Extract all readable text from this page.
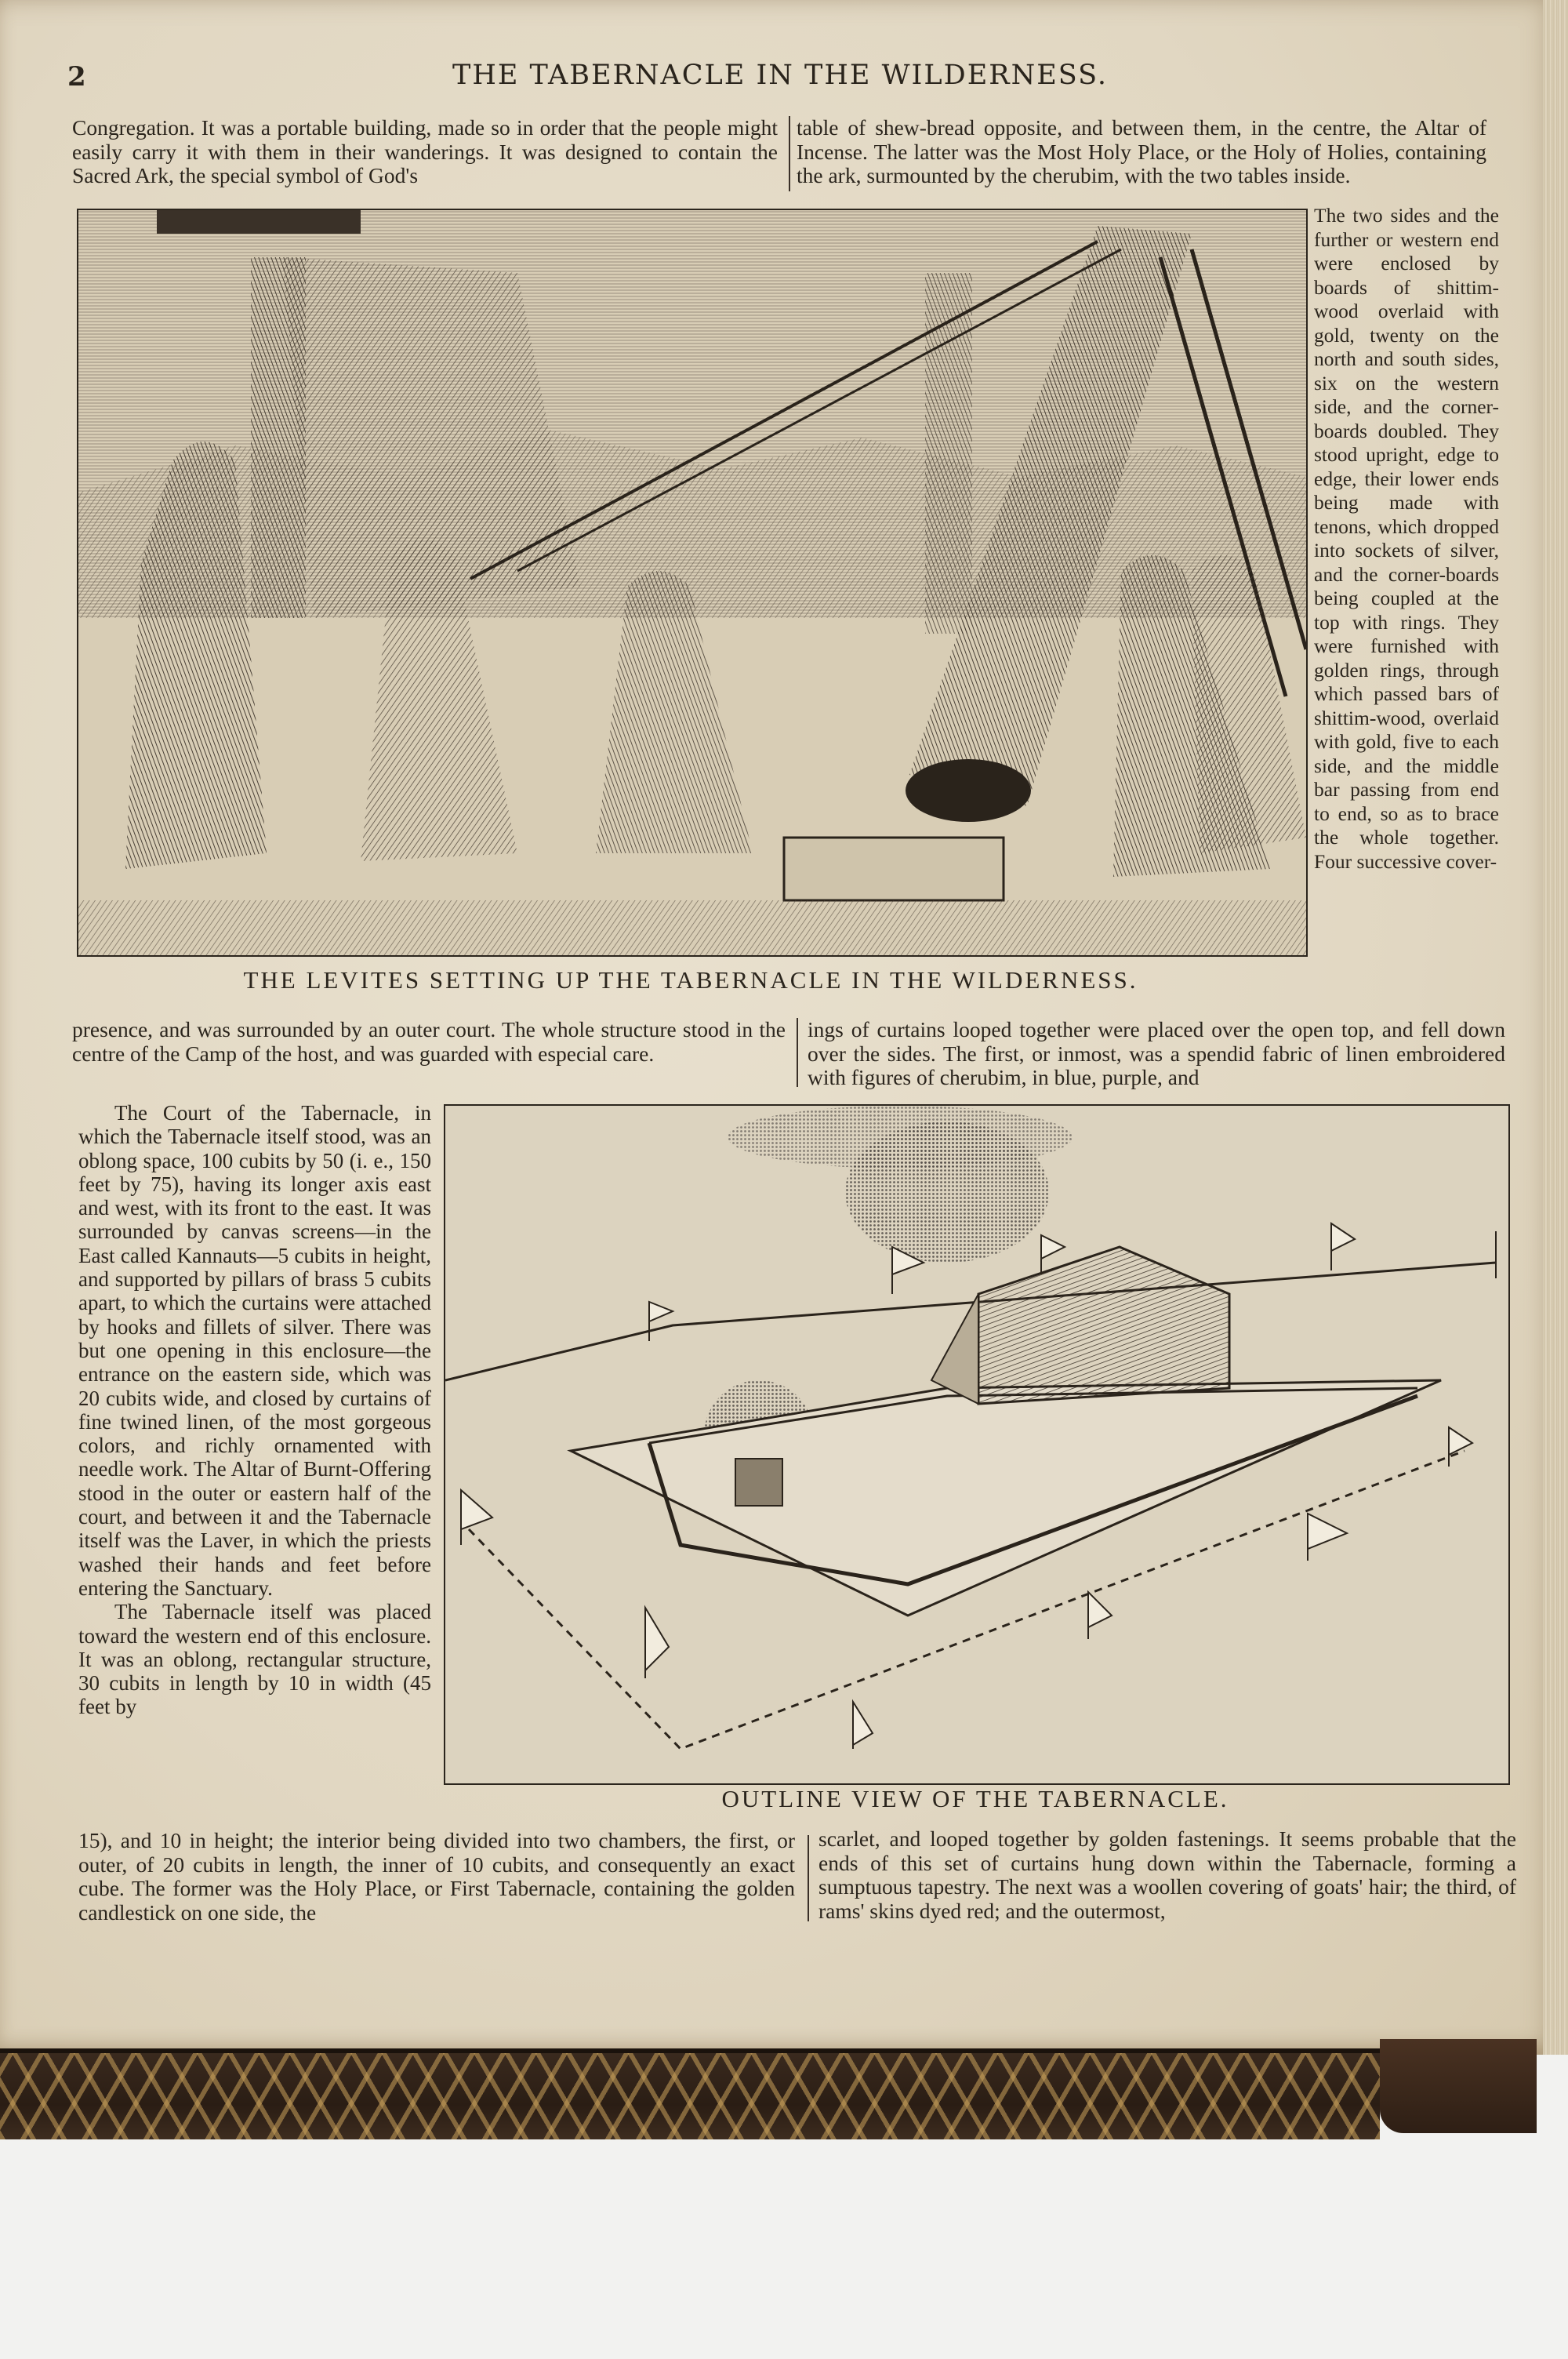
2	THE TABERNACLE IN THE WILDERNESS.
Congregation. It was a portable building, made so in order that the people might easily carry it with them in their wanderings. It was designed to contain the Sacred Ark, the special symbol of God's
table of shew-bread opposite, and between them, in the centre, the Altar of Incense. The latter was the Most Holy Place, or the Holy of Holies, containing the ark, surmounted by the cherubim, with the two tables inside.
The two sides and the further or western end were enclosed by boards of shittim-wood overlaid with gold, twenty on the north and south sides, six on the western side, and the corner-boards doubled. They stood upright, edge to edge, their lower ends being made with tenons, which dropped into sockets of silver, and the corner-boards being coupled at the top with rings. They were furnished with golden rings, through which passed bars of shittim-wood, overlaid with gold, five to each side, and the middle bar passing from end to end, so as to brace the whole together. Four successive cover-
THE LEVITES SETTING UP THE TABERNACLE IN THE WILDERNESS.
presence, and was surrounded by an outer court. The whole structure stood in the centre of the Camp of the host, and was guarded with especial care.
ings of curtains looped together were placed over the open top, and fell down over the sides. The first, or inmost, was a spendid fabric of linen embroidered with figures of cherubim, in blue, purple, and

The Court of the Tabernacle, in which the Tabernacle itself stood, was an oblong space, 100 cubits by 50 (i. e., 150 feet by 75), having its longer axis east and west, with its front to the east. It was surrounded by canvas screens—in the East called Kannauts—5 cubits in height, and supported by pillars of brass 5 cubits apart, to which the curtains were attached by hooks and fillets of silver. There was but one opening in this enclosure—the entrance on the eastern side, which was 20 cubits wide, and closed by curtains of fine twined linen, of the most gorgeous colors, and richly ornamented with needle work. The Altar of Burnt-Offering stood in the outer or eastern half of the court, and between it and the Tabernacle itself was the Laver, in which the priests washed their hands and feet before entering the Sanctuary.

The Tabernacle itself was placed toward the western end of this enclosure. It was an oblong, rectangular structure, 30 cubits in length by 10 in width (45 feet by

OUTLINE VIEW OF THE TABERNACLE.
15), and 10 in height; the interior being divided into two chambers, the first, or outer, of 20 cubits in length, the inner of 10 cubits, and consequently an exact cube. The former was the Holy Place, or First Tabernacle, containing the golden candlestick on one side, the
scarlet, and looped together by golden fastenings. It seems probable that the ends of this set of curtains hung down within the Tabernacle, forming a sumptuous tapestry. The next was a woollen covering of goats' hair; the third, of rams' skins dyed red; and the outermost,
